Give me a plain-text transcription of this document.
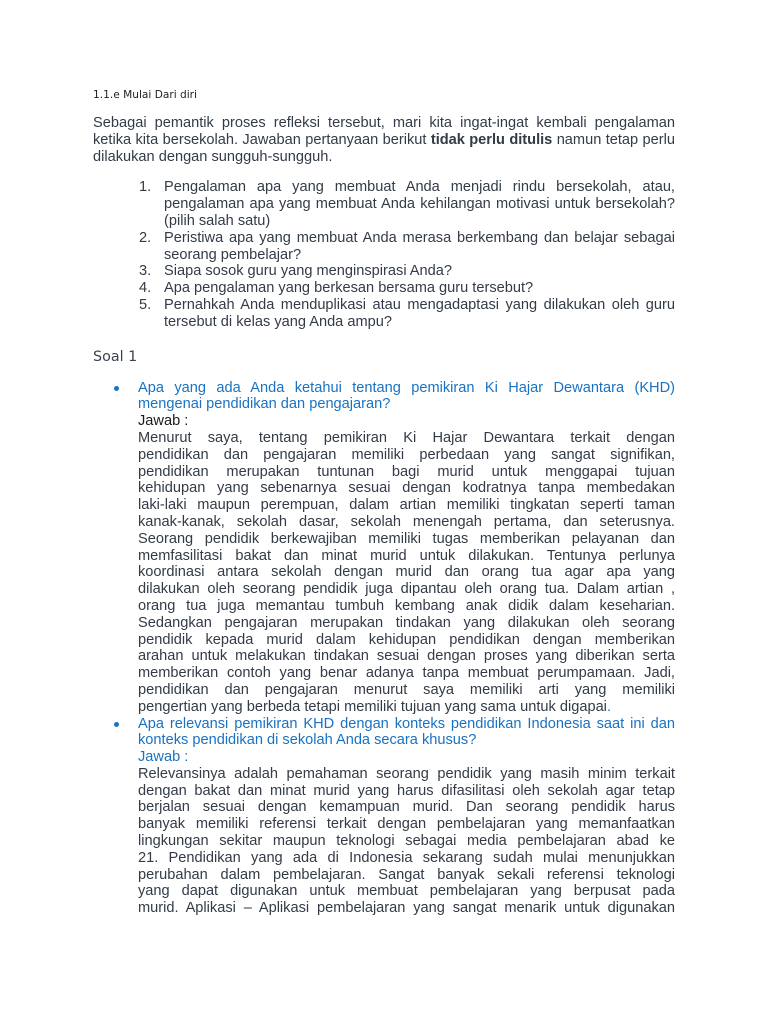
1.1.e Mulai Dari diri

Sebagai pemantik proses refleksi tersebut, mari kita ingat-ingat kembali pengalaman ketika kita bersekolah. Jawaban pertanyaan berikut tidak perlu ditulis namun tetap perlu dilakukan dengan sungguh-sungguh.

1. Pengalaman apa yang membuat Anda menjadi rindu bersekolah, atau, pengalaman apa yang membuat Anda kehilangan motivasi untuk bersekolah? (pilih salah satu)
2. Peristiwa apa yang membuat Anda merasa berkembang dan belajar sebagai seorang pembelajar?
3. Siapa sosok guru yang menginspirasi Anda?
4. Apa pengalaman yang berkesan bersama guru tersebut?
5. Pernahkah Anda menduplikasi atau mengadaptasi yang dilakukan oleh guru tersebut di kelas yang Anda ampu?

Soal 1

Apa yang ada Anda ketahui tentang pemikiran Ki Hajar Dewantara (KHD) mengenai pendidikan dan pengajaran?
Jawab :
Menurut saya, tentang pemikiran Ki Hajar Dewantara terkait dengan
pendidikan dan pengajaran memiliki perbedaan yang sangat signifikan,
pendidikan merupakan tuntunan bagi murid untuk menggapai tujuan
kehidupan yang sebenarnya sesuai dengan kodratnya tanpa membedakan
laki-laki maupun perempuan, dalam artian memiliki tingkatan seperti taman
kanak-kanak, sekolah dasar, sekolah menengah pertama, dan seterusnya.
Seorang pendidik berkewajiban memiliki tugas memberikan pelayanan dan
memfasilitasi bakat dan minat murid untuk dilakukan. Tentunya perlunya
koordinasi antara sekolah dengan murid dan orang tua agar apa yang
dilakukan oleh seorang pendidik juga dipantau oleh orang tua. Dalam artian ,
orang tua juga memantau tumbuh kembang anak didik dalam keseharian.
Sedangkan pengajaran merupakan tindakan yang dilakukan oleh seorang
pendidik kepada murid dalam kehidupan pendidikan dengan memberikan
arahan untuk melakukan tindakan sesuai dengan proses yang diberikan serta
memberikan contoh yang benar adanya tanpa membuat perumpamaan. Jadi,
pendidikan dan pengajaran menurut saya memiliki arti yang memiliki
pengertian yang berbeda tetapi memiliki tujuan yang sama untuk digapai.
Apa relevansi pemikiran KHD dengan konteks pendidikan Indonesia saat ini dan konteks pendidikan di sekolah Anda secara khusus?
Jawab :
Relevansinya adalah pemahaman seorang pendidik yang masih minim terkait
dengan bakat dan minat murid yang harus difasilitasi oleh sekolah agar tetap
berjalan sesuai dengan kemampuan murid. Dan seorang pendidik harus
banyak memiliki referensi terkait dengan pembelajaran yang memanfaatkan
lingkungan sekitar maupun teknologi sebagai media pembelajaran abad ke
21. Pendidikan yang ada di Indonesia sekarang sudah mulai menunjukkan
perubahan dalam pembelajaran. Sangat banyak sekali referensi teknologi
yang dapat digunakan untuk membuat pembelajaran yang berpusat pada
murid. Aplikasi – Aplikasi pembelajaran yang sangat menarik untuk digunakan
